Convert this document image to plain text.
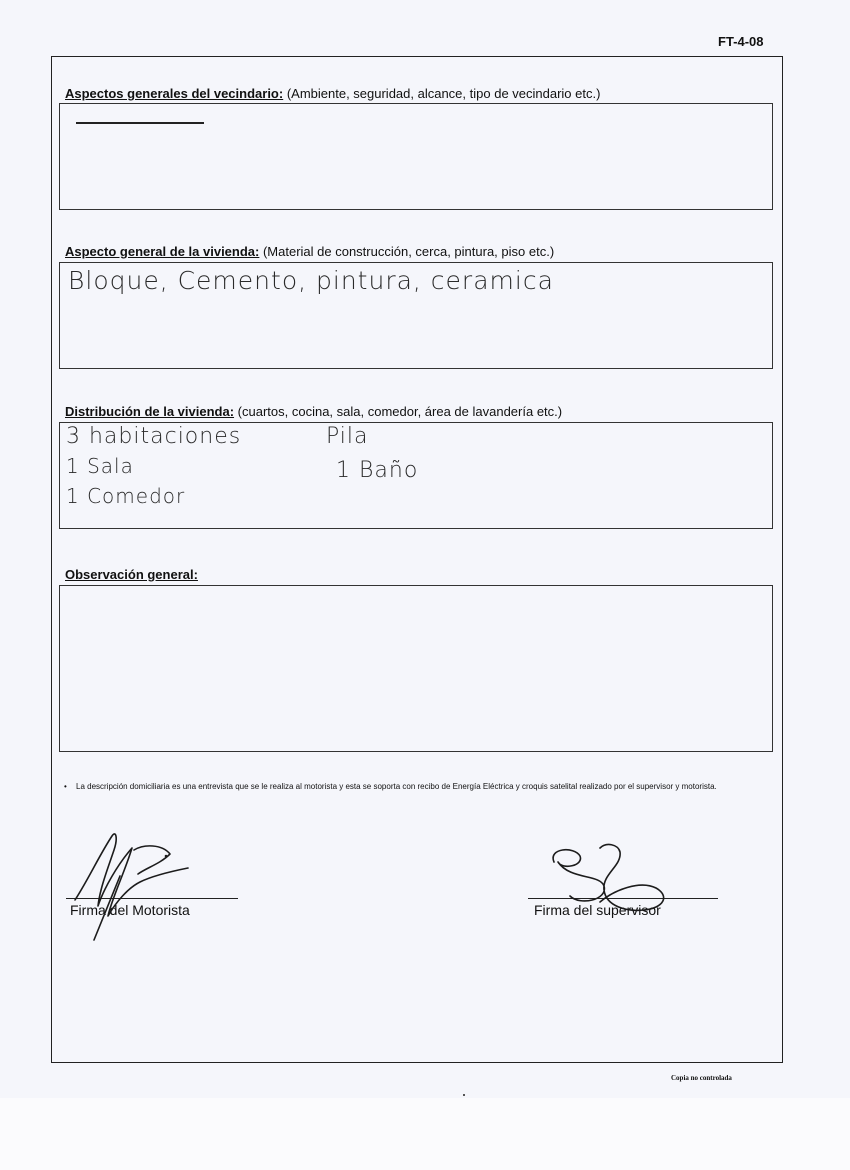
FT-4-08
Aspectos generales del vecindario: (Ambiente, seguridad, alcance, tipo de vecindario etc.)
Aspecto general de la vivienda: (Material de construcción, cerca, pintura, piso etc.)
Bloque, Cemento, pintura, ceramica
Distribución de la vivienda: (cuartos, cocina, sala, comedor, área de lavandería etc.)
3 habitaciones
1 Sala
1 Comedor
Pila
1 Baño
Observación general:
• La descripción domiciliaria es una entrevista que se le realiza al motorista y esta se soporta con recibo de Energía Eléctrica y croquis satelital realizado por el supervisor y motorista.
Firma del Motorista	Firma del supervisor
Copia no controlada
